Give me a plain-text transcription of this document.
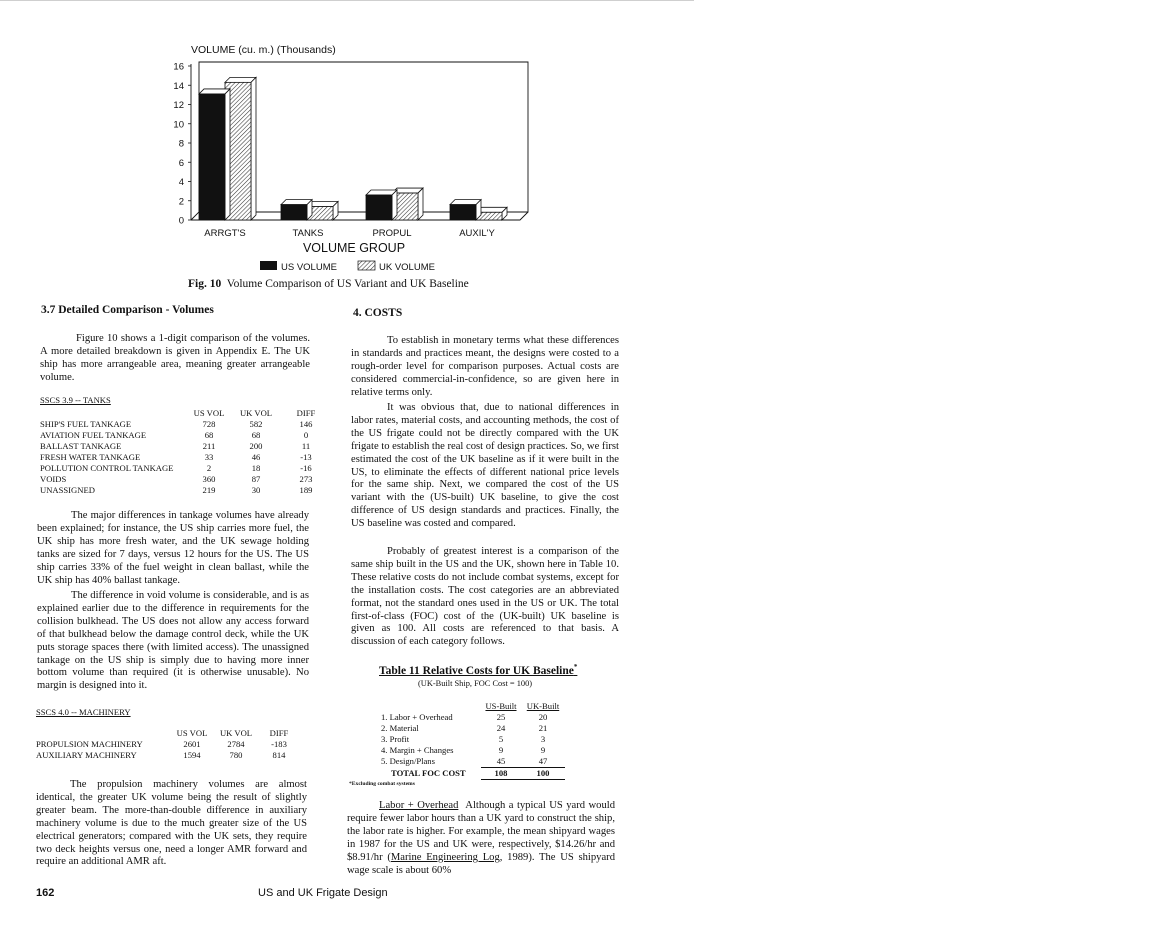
0
2
4
6
8
10
12
14
16
ARRGT'S	TANKS	PROPUL	AUXIL'Y
VOLUME (cu. m.) (Thousands)
VOLUME GROUP
US VOLUME	UK VOLUME
Fig. 10 Volume Comparison of US Variant and UK Baseline
3.7 Detailed Comparison - Volumes

Figure 10 shows a 1-digit comparison of the volumes. A more detailed breakdown is given in Appendix E. The UK ship has more arrangeable area, meaning greater arrangeable volume.

SSCS 3.9 -- TANKS
	US VOL	UK VOL	DIFF
SHIP'S FUEL TANKAGE	728	582	146
AVIATION FUEL TANKAGE	68	68	0
BALLAST TANKAGE	211	200	11
FRESH WATER TANKAGE	33	46	-13
POLLUTION CONTROL TANKAGE	2	18	-16
VOIDS	360	87	273
UNASSIGNED	219	30	189

The major differences in tankage volumes have already been explained; for instance, the US ship carries more fuel, the UK ship has more fresh water, and the UK sewage holding tanks are sized for 7 days, versus 12 hours for the US. The US ship carries 33% of the fuel weight in clean ballast, while the UK ship has 40% ballast tankage.

The difference in void volume is considerable, and is as explained earlier due to the difference in requirements for the collision bulkhead. The US does not allow any access forward of that bulkhead below the damage control deck, while the UK puts storage spaces there (with limited access). The unassigned tankage on the US ship is simply due to having more inner bottom volume than required (it is otherwise unusable). No margin is designed into it.

SSCS 4.0 -- MACHINERY
	US VOL	UK VOL	DIFF
PROPULSION MACHINERY	2601	2784	-183
AUXILIARY MACHINERY	1594	780	814

The propulsion machinery volumes are almost identical, the greater UK volume being the result of slightly greater beam. The more-than-double difference in auxiliary machinery volume is due to the much greater size of the US electrical generators; compared with the UK sets, they require two deck heights versus one, need a longer AMR forward and require an additional AMR aft.

4. COSTS

To establish in monetary terms what these differences in standards and practices meant, the designs were costed to a rough-order level for comparison purposes. Actual costs are considered commercial-in-confidence, so are given here in relative terms only.

It was obvious that, due to national differences in labor rates, material costs, and accounting methods, the cost of the US frigate could not be directly compared with the UK frigate to establish the real cost of design practices. So, we first estimated the cost of the UK baseline as if it were built in the US, to eliminate the effects of different national price levels for the same ship. Next, we compared the cost of the US variant with the (US-built) UK baseline, to give the cost difference of US design standards and practices. Finally, the US baseline was costed and compared.

Probably of greatest interest is a comparison of the same ship built in the US and the UK, shown here in Table 10. These relative costs do not include combat systems, except for the installation costs. The cost categories are an abbreviated format, not the standard ones used in the US or UK. The total first-of-class (FOC) cost of the (UK-built) UK baseline is given as 100. All costs are referenced to that basis. A discussion of each category follows.

Table 11 Relative Costs for UK Baseline*
(UK-Built Ship, FOC Cost = 100)
	US-Built	UK-Built
1. Labor + Overhead	25	20
2. Material	24	21
3. Profit	5	3
4. Margin + Changes	9	9
5. Design/Plans	45	47
TOTAL FOC COST	108	100
*Excluding combat systems

Labor + Overhead Although a typical US yard would require fewer labor hours than a UK yard to construct the ship, the labor rate is higher. For example, the mean shipyard wages in 1987 for the US and UK were, respectively, $14.26/hr and $8.91/hr (Marine Engineering Log, 1989). The US shipyard wage scale is about 60%

162	US and UK Frigate Design
